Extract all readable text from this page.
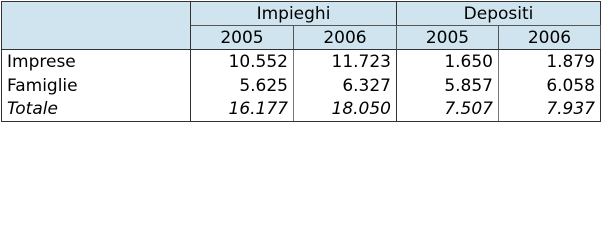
	Impieghi		Depositi	
	2005	2006	2005	2006
Imprese	10.552	11.723	1.650	1.879
Famiglie	5.625	6.327	5.857	6.058
Totale	16.177	18.050	7.507	7.937
